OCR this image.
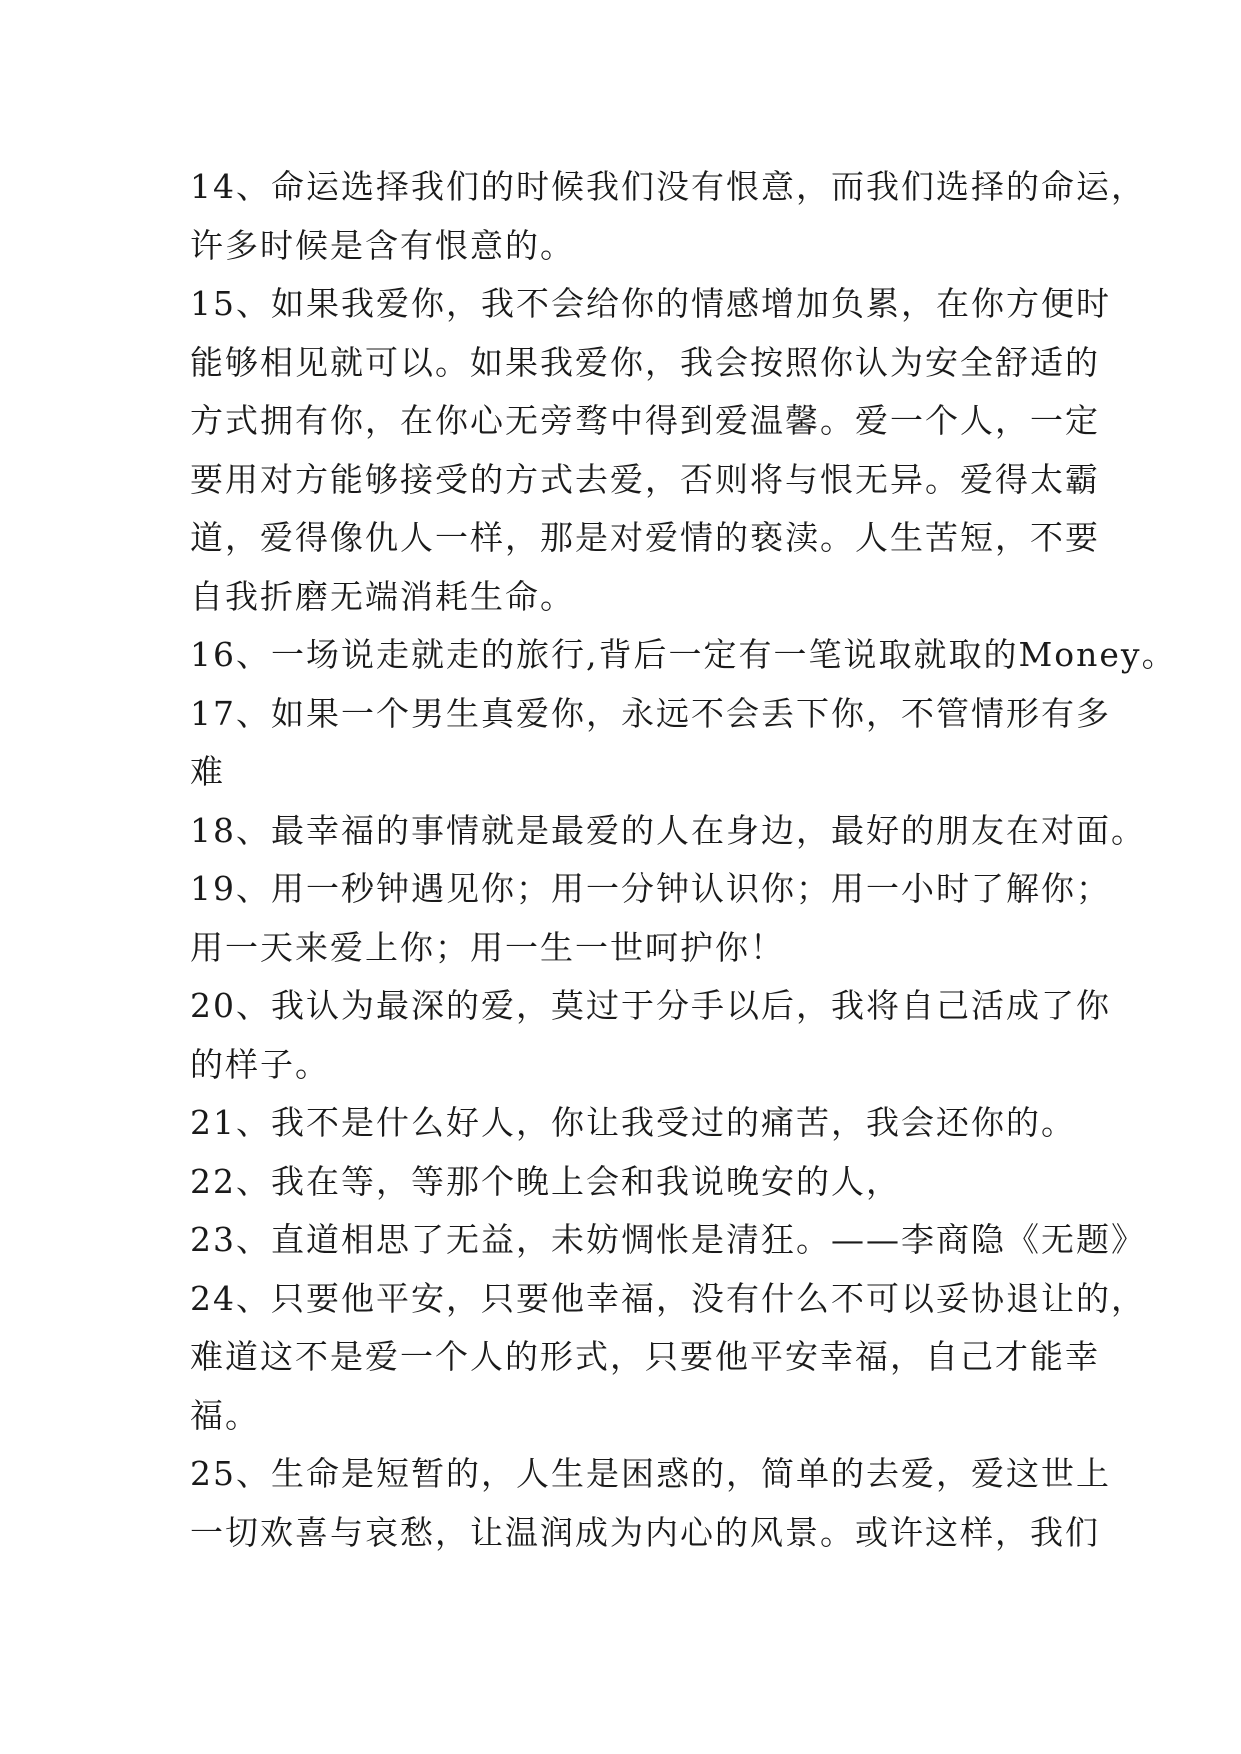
14、命运选择我们的时候我们没有恨意，而我们选择的命运，
许多时候是含有恨意的。
15、如果我爱你，我不会给你的情感增加负累，在你方便时
能够相见就可以。如果我爱你，我会按照你认为安全舒适的
方式拥有你，在你心无旁骛中得到爱温馨。爱一个人，一定
要用对方能够接受的方式去爱，否则将与恨无异。爱得太霸
道，爱得像仇人一样，那是对爱情的亵渎。人生苦短，不要
自我折磨无端消耗生命。
16、一场说走就走的旅行,背后一定有一笔说取就取的Money。
17、如果一个男生真爱你，永远不会丢下你，不管情形有多
难
18、最幸福的事情就是最爱的人在身边，最好的朋友在对面。
19、用一秒钟遇见你；用一分钟认识你；用一小时了解你；
用一天来爱上你；用一生一世呵护你！
20、我认为最深的爱，莫过于分手以后，我将自己活成了你
的样子。
21、我不是什么好人，你让我受过的痛苦，我会还你的。
22、我在等，等那个晚上会和我说晚安的人，
23、直道相思了无益，未妨惆怅是清狂。——李商隐《无题》
24、只要他平安，只要他幸福，没有什么不可以妥协退让的，
难道这不是爱一个人的形式，只要他平安幸福，自己才能幸
福。
25、生命是短暂的，人生是困惑的，简单的去爱，爱这世上
一切欢喜与哀愁，让温润成为内心的风景。或许这样，我们
